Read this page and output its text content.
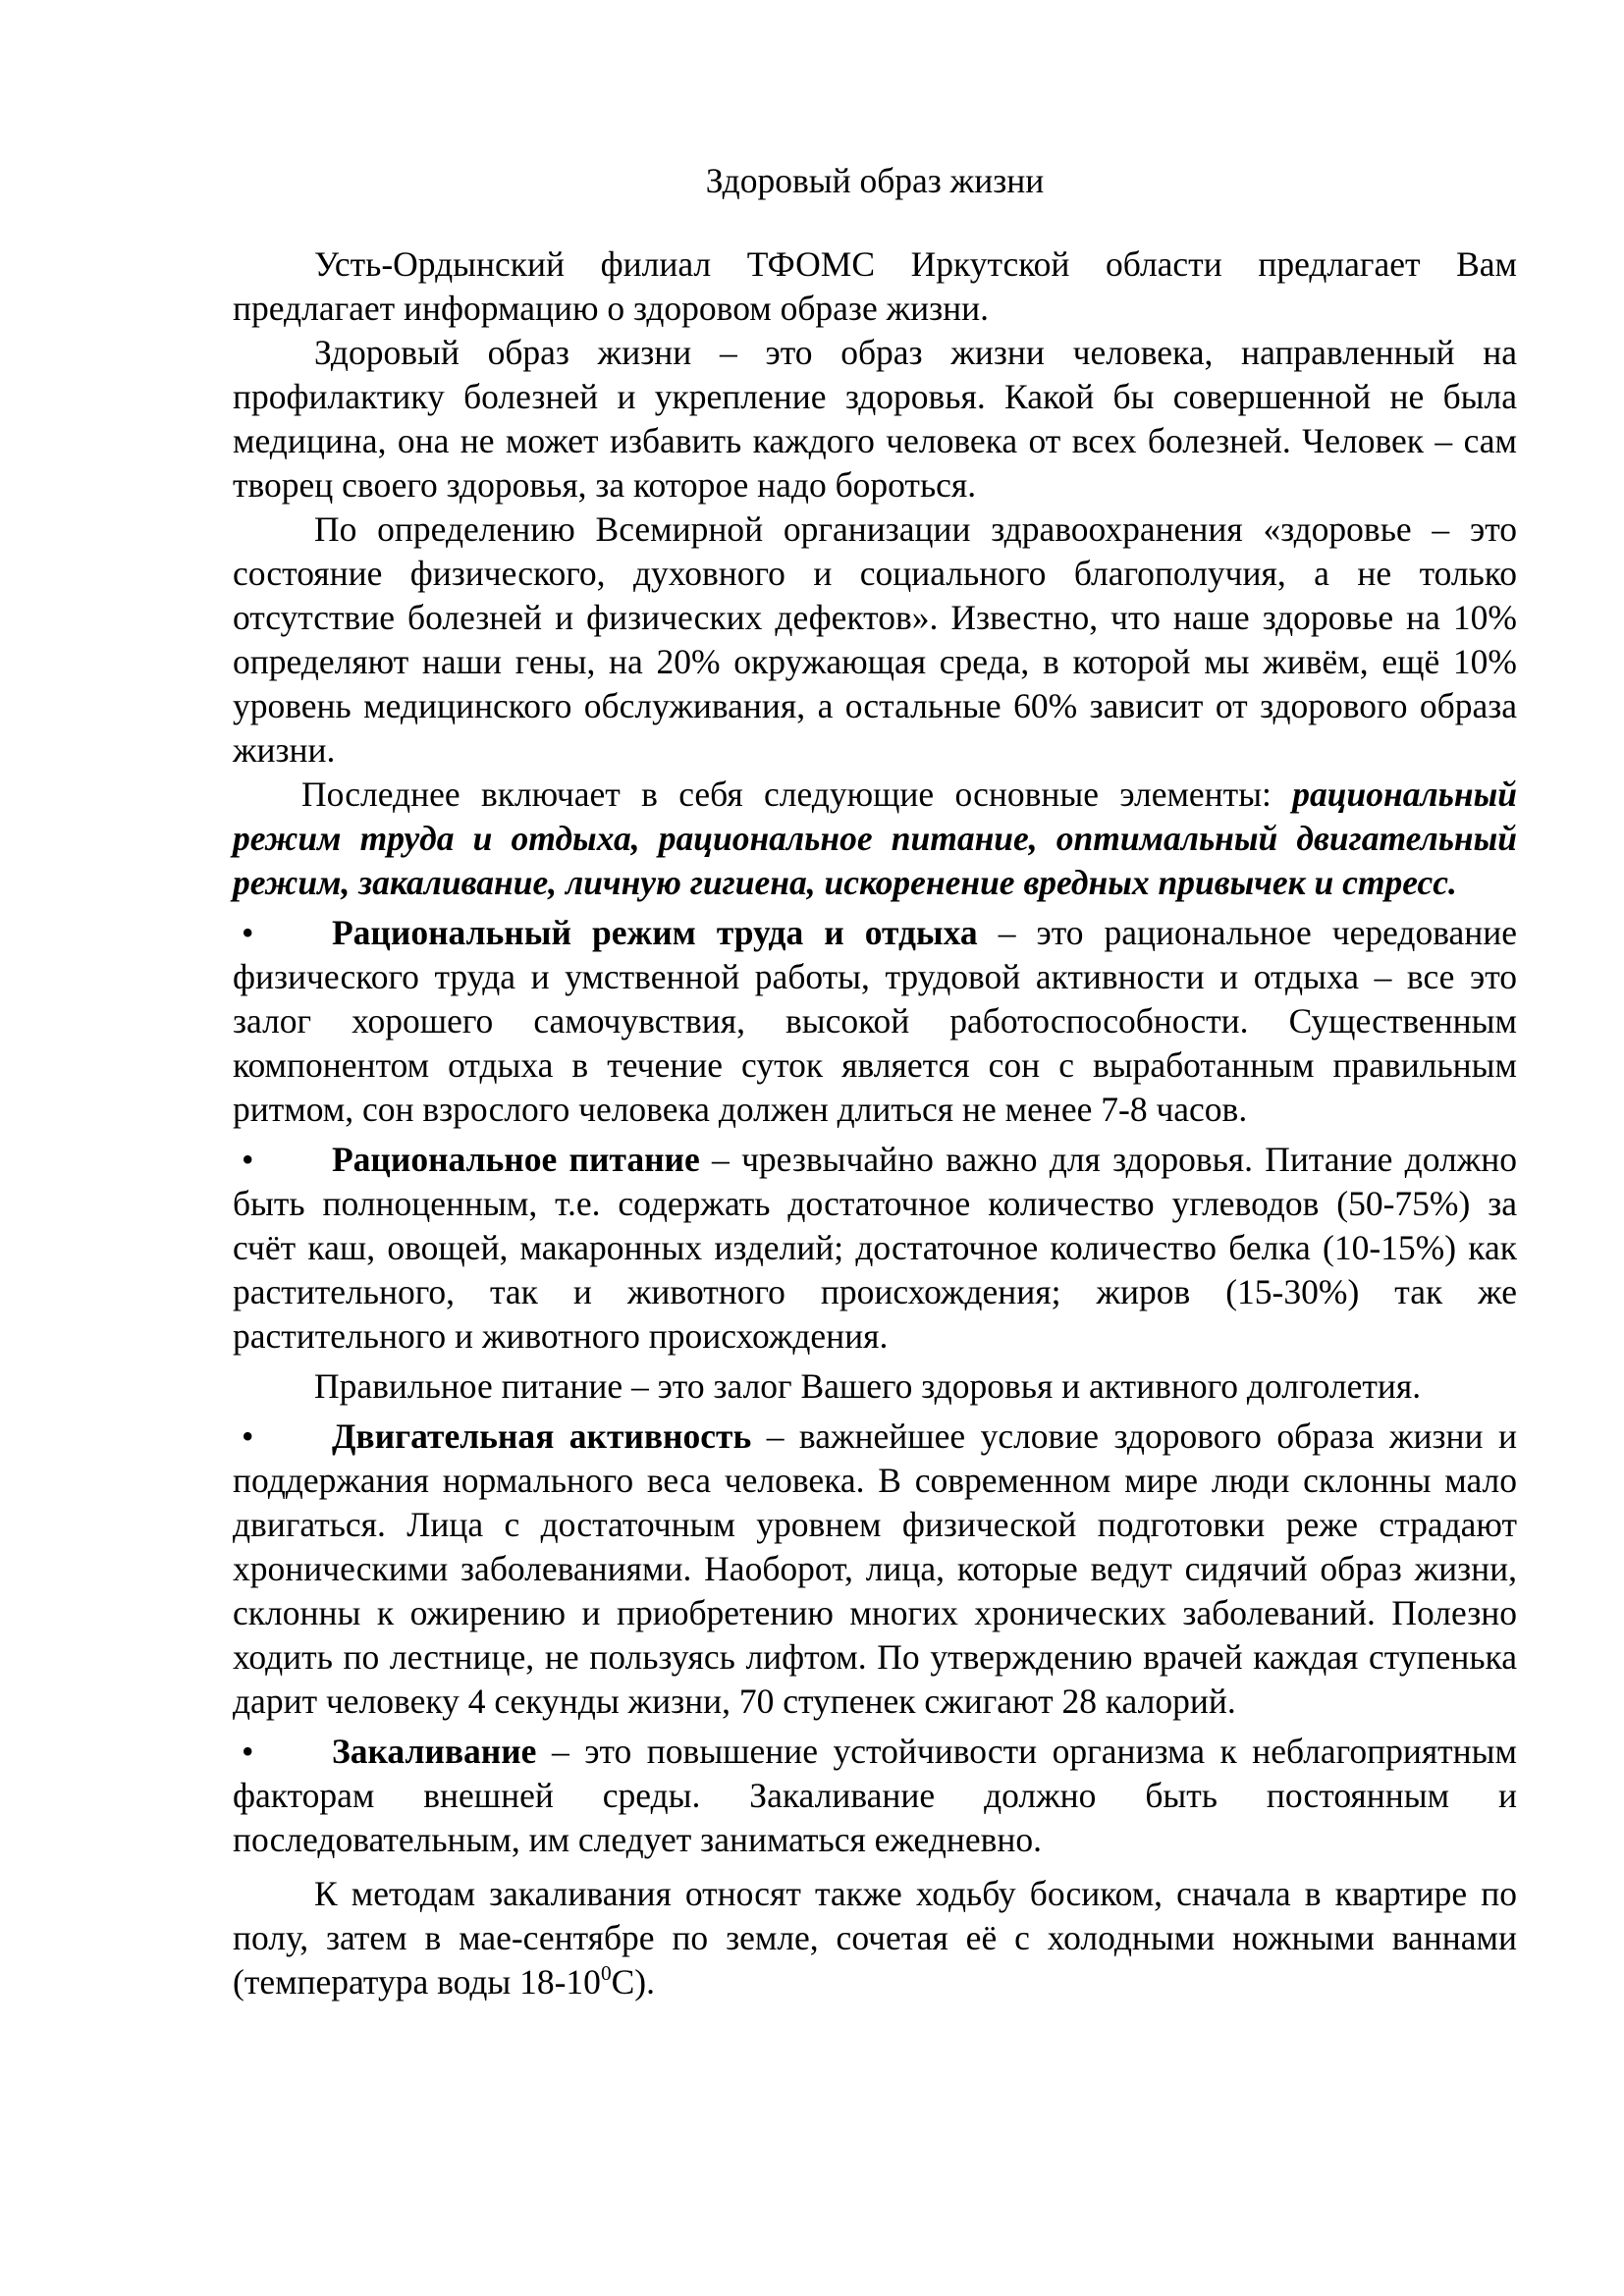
Здоровый образ жизни

Усть-Ордынский филиал ТФОМС Иркутской области предлагает Вам предлагает информацию о здоровом образе жизни.

Здоровый образ жизни – это образ жизни человека, направленный на профилактику болезней и укрепление здоровья. Какой бы совершенной не была медицина, она не может избавить каждого человека от всех болезней. Человек – сам творец своего здоровья, за которое надо бороться.

По определению Всемирной организации здравоохранения «здоровье – это состояние физического, духовного и социального благополучия, а не только отсутствие болезней и физических дефектов». Известно, что наше здоровье на 10% определяют наши гены, на 20% окружающая среда, в которой мы живём, ещё 10% уровень медицинского обслуживания, а остальные 60% зависит от здорового образа жизни.

Последнее включает в себя следующие основные элементы: рациональный режим труда и отдыха, рациональное питание, оптимальный двигательный режим, закаливание, личную гигиена, искоренение вредных привычек и стресс.

• Рациональный режим труда и отдыха – это рациональное чередование физического труда и умственной работы, трудовой активности и отдыха – все это залог хорошего самочувствия, высокой работоспособности. Существенным компонентом отдыха в течение суток является сон с выработанным правильным ритмом, сон взрослого человека должен длиться не менее 7-8 часов.
• Рациональное питание – чрезвычайно важно для здоровья. Питание должно быть полноценным, т.е. содержать достаточное количество углеводов (50-75%) за счёт каш, овощей, макаронных изделий; достаточное количество белка (10-15%) как растительного, так и животного происхождения; жиров (15-30%) так же растительного и животного происхождения.

Правильное питание – это залог Вашего здоровья и активного долголетия.

• Двигательная активность – важнейшее условие здорового образа жизни и поддержания нормального веса человека. В современном мире люди склонны мало двигаться. Лица с достаточным уровнем физической подготовки реже страдают хроническими заболеваниями. Наоборот, лица, которые ведут сидячий образ жизни, склонны к ожирению и приобретению многих хронических заболеваний. Полезно ходить по лестнице, не пользуясь лифтом. По утверждению врачей каждая ступенька дарит человеку 4 секунды жизни, 70 ступенек сжигают 28 калорий.
• Закаливание – это повышение устойчивости организма к неблагоприятным факторам внешней среды. Закаливание должно быть постоянным и последовательным, им следует заниматься ежедневно.

К методам закаливания относят также ходьбу босиком, сначала в квартире по полу, затем в мае-сентябре по земле, сочетая её с холодными ножными ваннами (температура воды $18-10^0С$).
